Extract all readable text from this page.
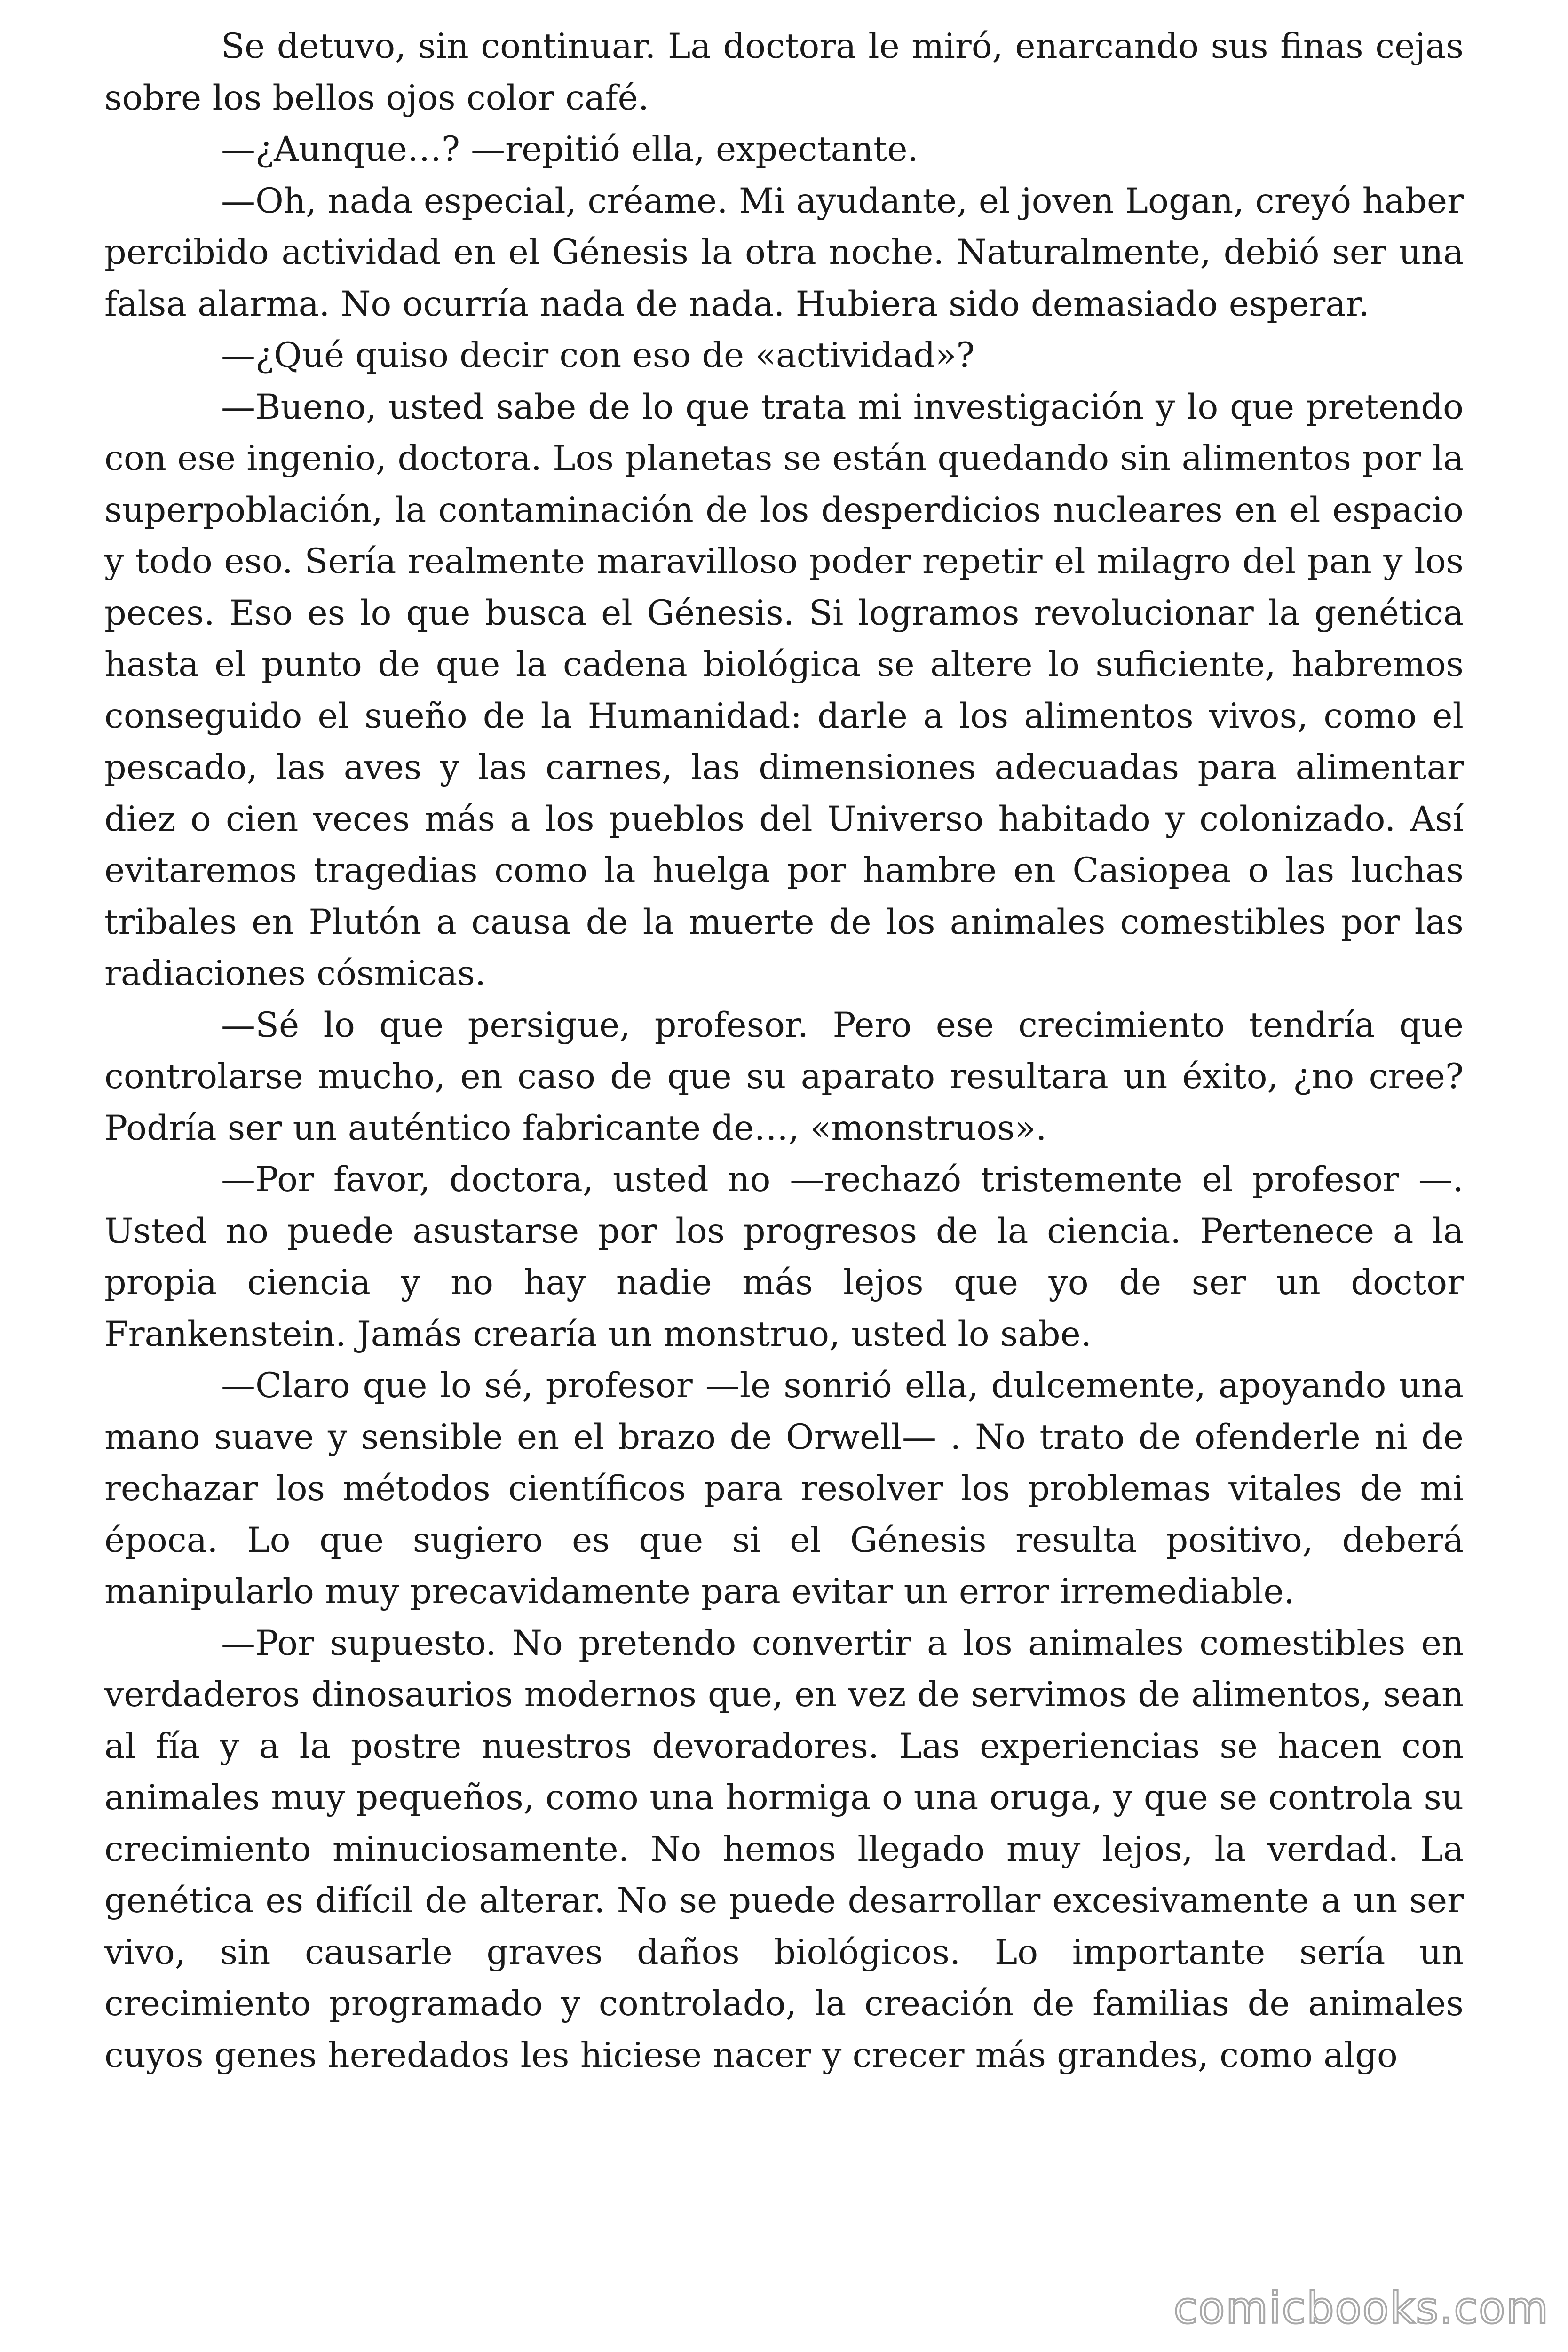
Se detuvo, sin continuar. La doctora le miró, enarcando sus finas cejas sobre los bellos ojos color café.

—¿Aunque…? —repitió ella, expectante.

—Oh, nada especial, créame. Mi ayudante, el joven Logan, creyó haber percibido actividad en el Génesis la otra noche. Naturalmente, debió ser una falsa alarma. No ocurría nada de nada. Hubiera sido demasiado esperar.

—¿Qué quiso decir con eso de «actividad»?

—Bueno, usted sabe de lo que trata mi investigación y lo que pretendo con ese ingenio, doctora. Los planetas se están quedando sin alimentos por la superpoblación, la contaminación de los desperdicios nucleares en el espacio y todo eso. Sería realmente maravilloso poder repetir el milagro del pan y los peces. Eso es lo que busca el Génesis. Si logramos revolucionar la genética hasta el punto de que la cadena biológica se altere lo suficiente, habremos conseguido el sueño de la Humanidad: darle a los alimentos vivos, como el pescado, las aves y las carnes, las dimensiones adecuadas para alimentar diez o cien veces más a los pueblos del Universo habitado y colonizado. Así evitaremos tragedias como la huelga por hambre en Casiopea o las luchas tribales en Plutón a causa de la muerte de los animales comestibles por las radiaciones cósmicas.

—Sé lo que persigue, profesor. Pero ese crecimiento tendría que controlarse mucho, en caso de que su aparato resultara un éxito, ¿no cree? Podría ser un auténtico fabricante de…, «monstruos».

—Por favor, doctora, usted no —rechazó tristemente el profesor —. Usted no puede asustarse por los progresos de la ciencia. Pertenece a la propia ciencia y no hay nadie más lejos que yo de ser un doctor Frankenstein. Jamás crearía un monstruo, usted lo sabe.

—Claro que lo sé, profesor —le sonrió ella, dulcemente, apoyando una mano suave y sensible en el brazo de Orwell— . No trato de ofenderle ni de rechazar los métodos científicos para resolver los problemas vitales de mi época. Lo que sugiero es que si el Génesis resulta positivo, deberá manipularlo muy precavidamente para evitar un error irremediable.

—Por supuesto. No pretendo convertir a los animales comestibles en verdaderos dinosaurios modernos que, en vez de servimos de alimentos, sean al fía y a la postre nuestros devoradores. Las experiencias se hacen con animales muy pequeños, como una hormiga o una oruga, y que se controla su crecimiento minuciosamente. No hemos llegado muy lejos, la verdad. La genética es difícil de alterar. No se puede desarrollar excesivamente a un ser vivo, sin causarle graves daños biológicos. Lo importante sería un crecimiento programado y controlado, la creación de familias de animales cuyos genes heredados les hiciese nacer y crecer más grandes, como algo

comicbooks.com
